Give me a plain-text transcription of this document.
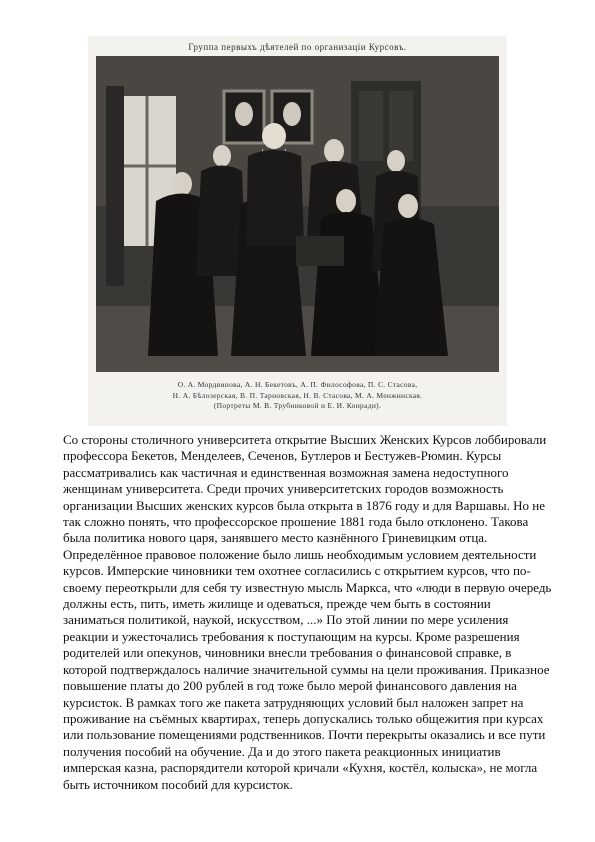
Группа первыхъ дѣятелей по организаціи Курсовъ.
О. А. Мордвинова, А. Н. Бекетовъ, А. П. Философова, П. С. Стасова,
Н. А. Бѣлозерская, В. П. Тарновская, Н. В. Стасова, М. А. Менжинская.
(Портреты М. В. Трубниковой и Е. И. Конради).
Со стороны столичного университета открытие Высших Женских Курсов лоббировали
профессора Бекетов, Менделеев, Сеченов, Бутлеров и Бестужев-Рюмин. Курсы
рассматривались как частичная и единственная возможная замена недоступного
женщинам университета. Среди прочих университетских городов возможность
организации Высших женских курсов была открыта в 1876 году и для Варшавы. Но не
так сложно понять, что профессорское прошение 1881 года было отклонено. Такова
была политика нового царя, занявшего место казнённого Гриневицким отца.
Определённое правовое положение было лишь необходимым условием деятельности
курсов. Имперские чиновники тем охотнее согласились с открытием курсов, что по-
своему переоткрыли для себя ту известную мысль Маркса, что «люди в первую очередь
должны есть, пить, иметь жилище и одеваться, прежде чем быть в состоянии
заниматься политикой, наукой, искусством, ...» По этой линии по мере усиления
реакции и ужесточались требования к поступающим на курсы. Кроме разрешения
родителей или опекунов, чиновники внесли требования о финансовой справке, в
которой подтверждалось наличие значительной суммы на цели проживания. Приказное
повышение платы до 200 рублей в год тоже было мерой финансового давления на
курсисток. В рамках того же пакета затрудняющих условий был наложен запрет на
проживание на съёмных квартирах, теперь допускались только общежития при курсах
или пользование помещениями родственников. Почти перекрыты оказались и все пути
получения пособий на обучение. Да и до этого пакета реакционных инициатив
имперская казна, распорядители которой кричали «Кухня, костёл, колыска», не могла
быть источником пособий для курсисток.
